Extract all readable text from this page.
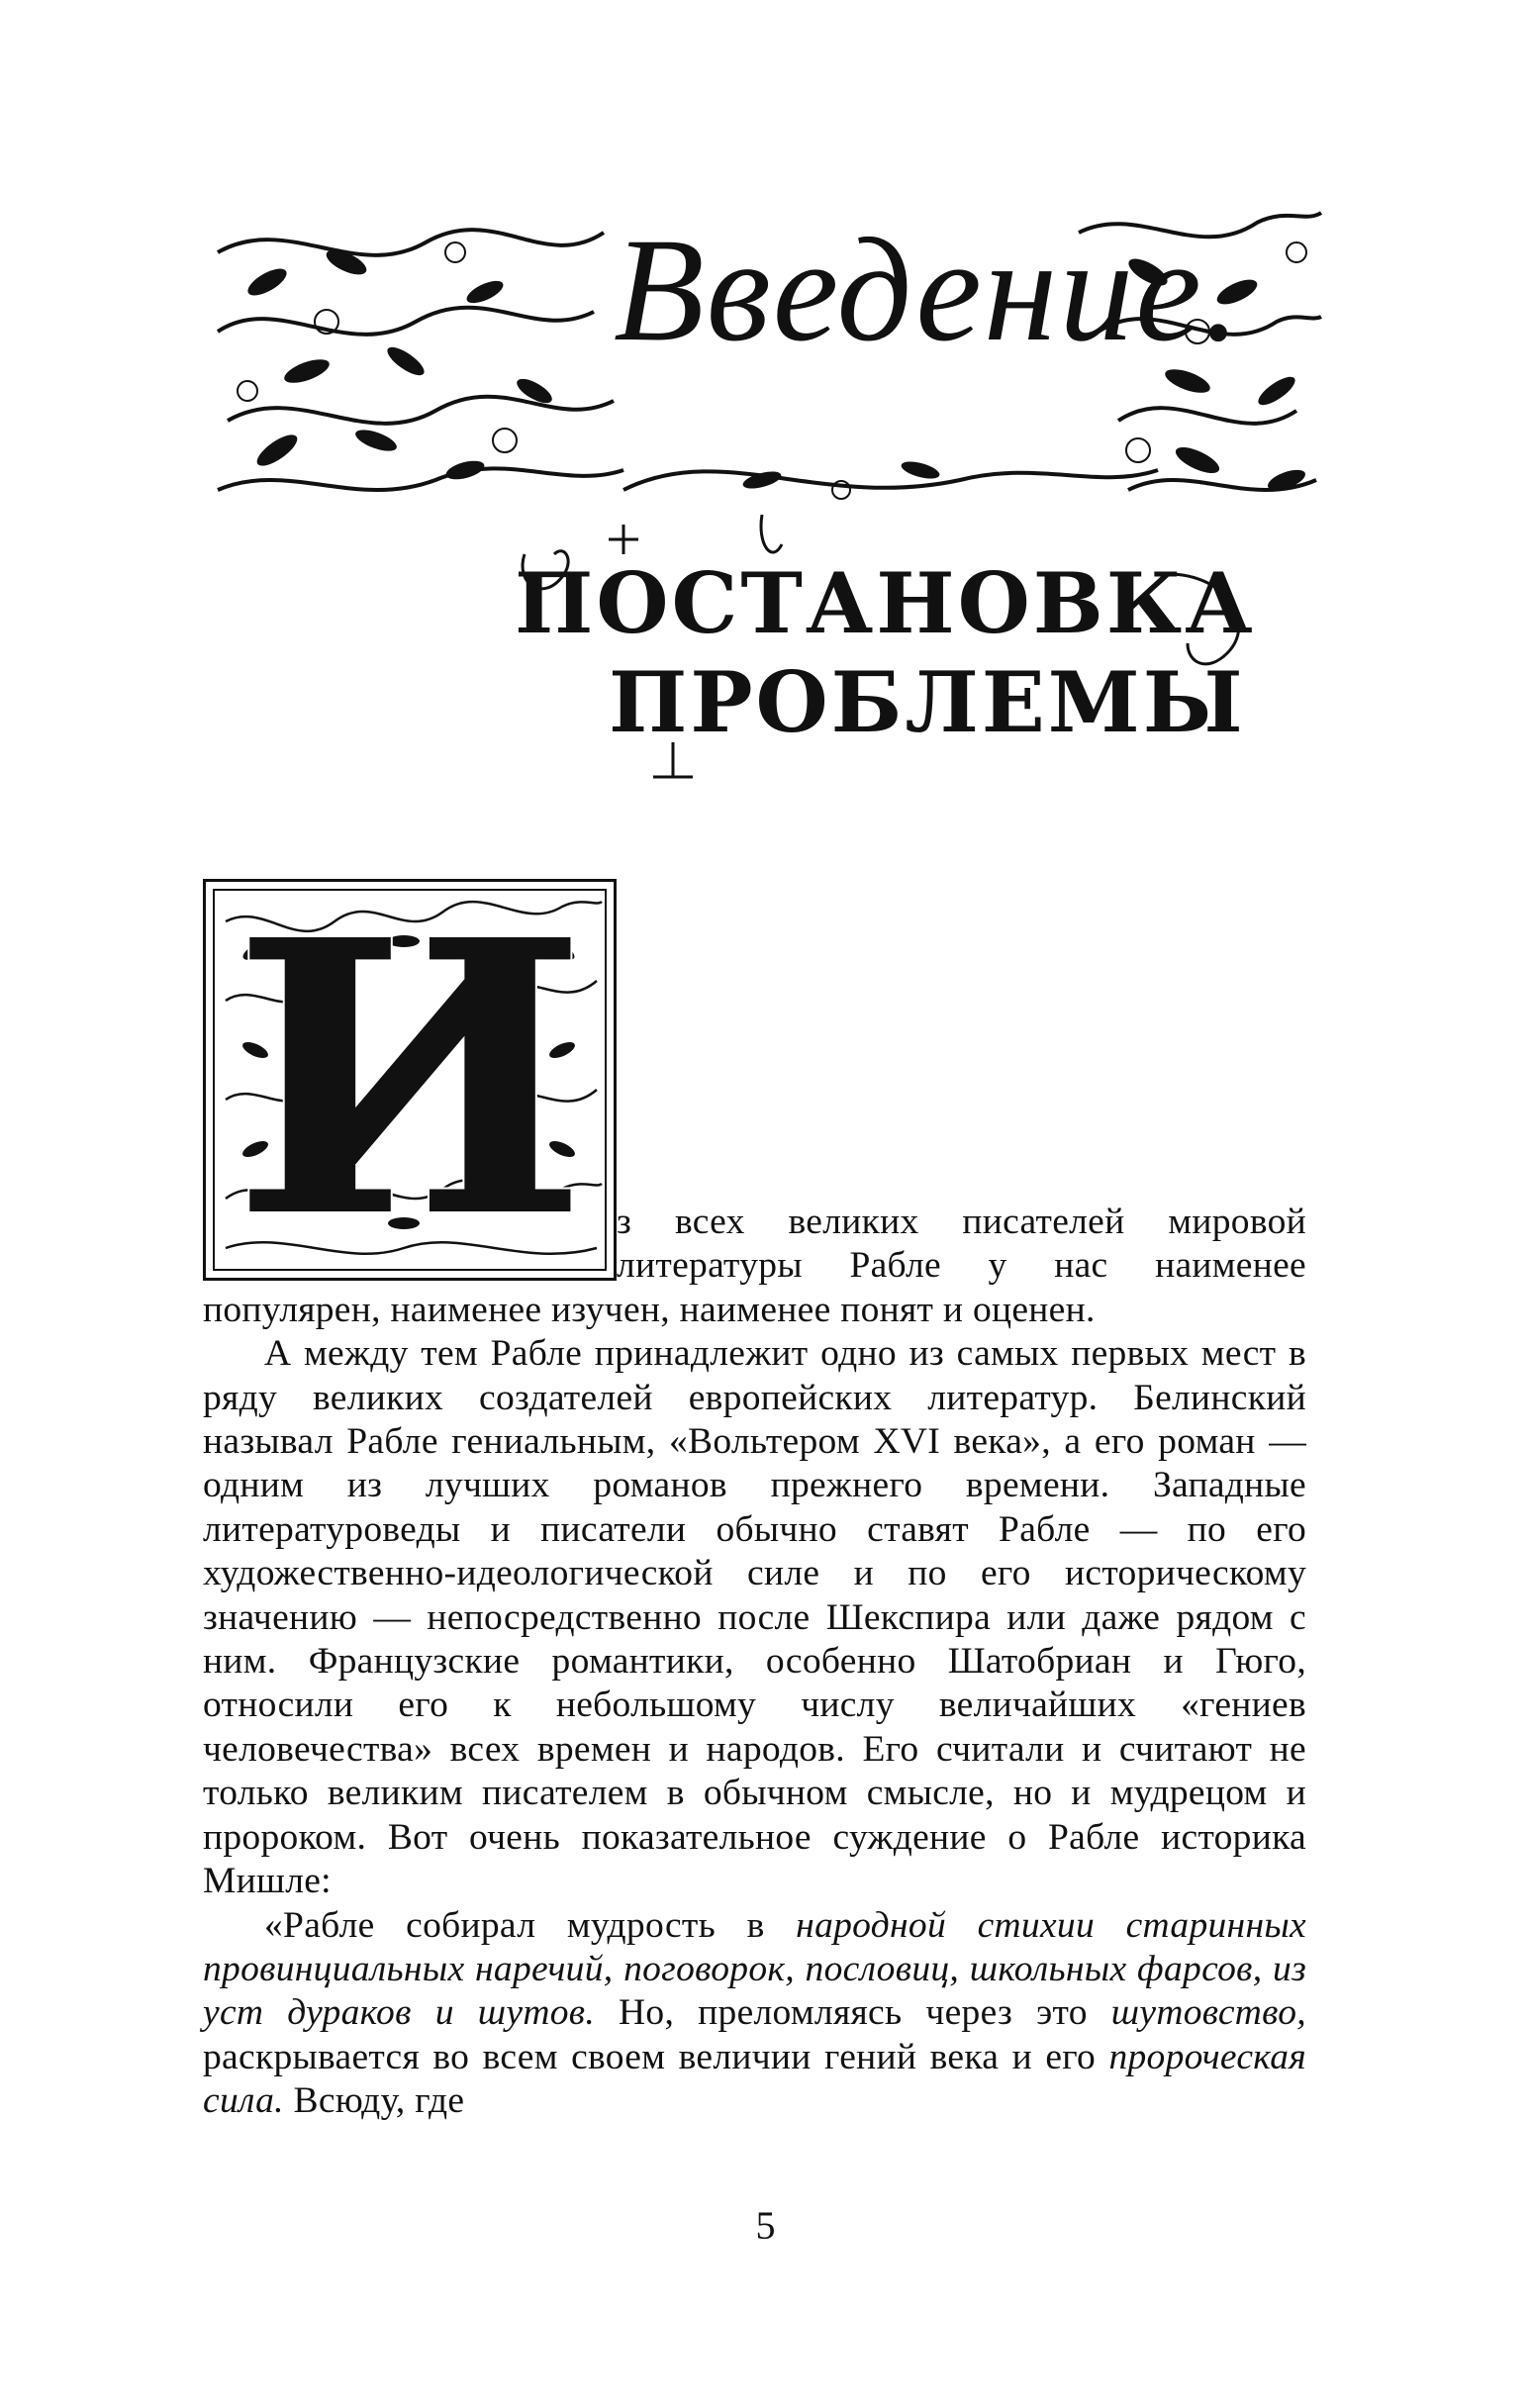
Введение.
ПОСТАНОВКА
ПРОБЛЕМЫ
И з всех великих писателей мировой литературы Рабле у нас наименее популярен, наименее изучен, наименее понят и оценен.

А между тем Рабле принадлежит одно из самых первых мест в ряду великих создателей европейских литератур. Белинский называл Рабле гениальным, «Вольтером XVI века», а его роман — одним из лучших романов прежнего времени. Западные литературоведы и писатели обычно ставят Рабле — по его художественно-идеологической силе и по его историческому значению — непосредственно после Шекспира или даже рядом с ним. Французские романтики, особенно Шатобриан и Гюго, относили его к небольшому числу величайших «гениев человечества» всех времен и народов. Его считали и считают не только великим писателем в обычном смысле, но и мудрецом и пророком. Вот очень показательное суждение о Рабле историка Мишле:

«Рабле собирал мудрость в народной стихии старинных провинциальных наречий, поговорок, пословиц, школьных фарсов, из уст дураков и шутов. Но, преломляясь через это шутовство, раскрывается во всем своем величии гений века и его пророческая сила. Всюду, где

5
